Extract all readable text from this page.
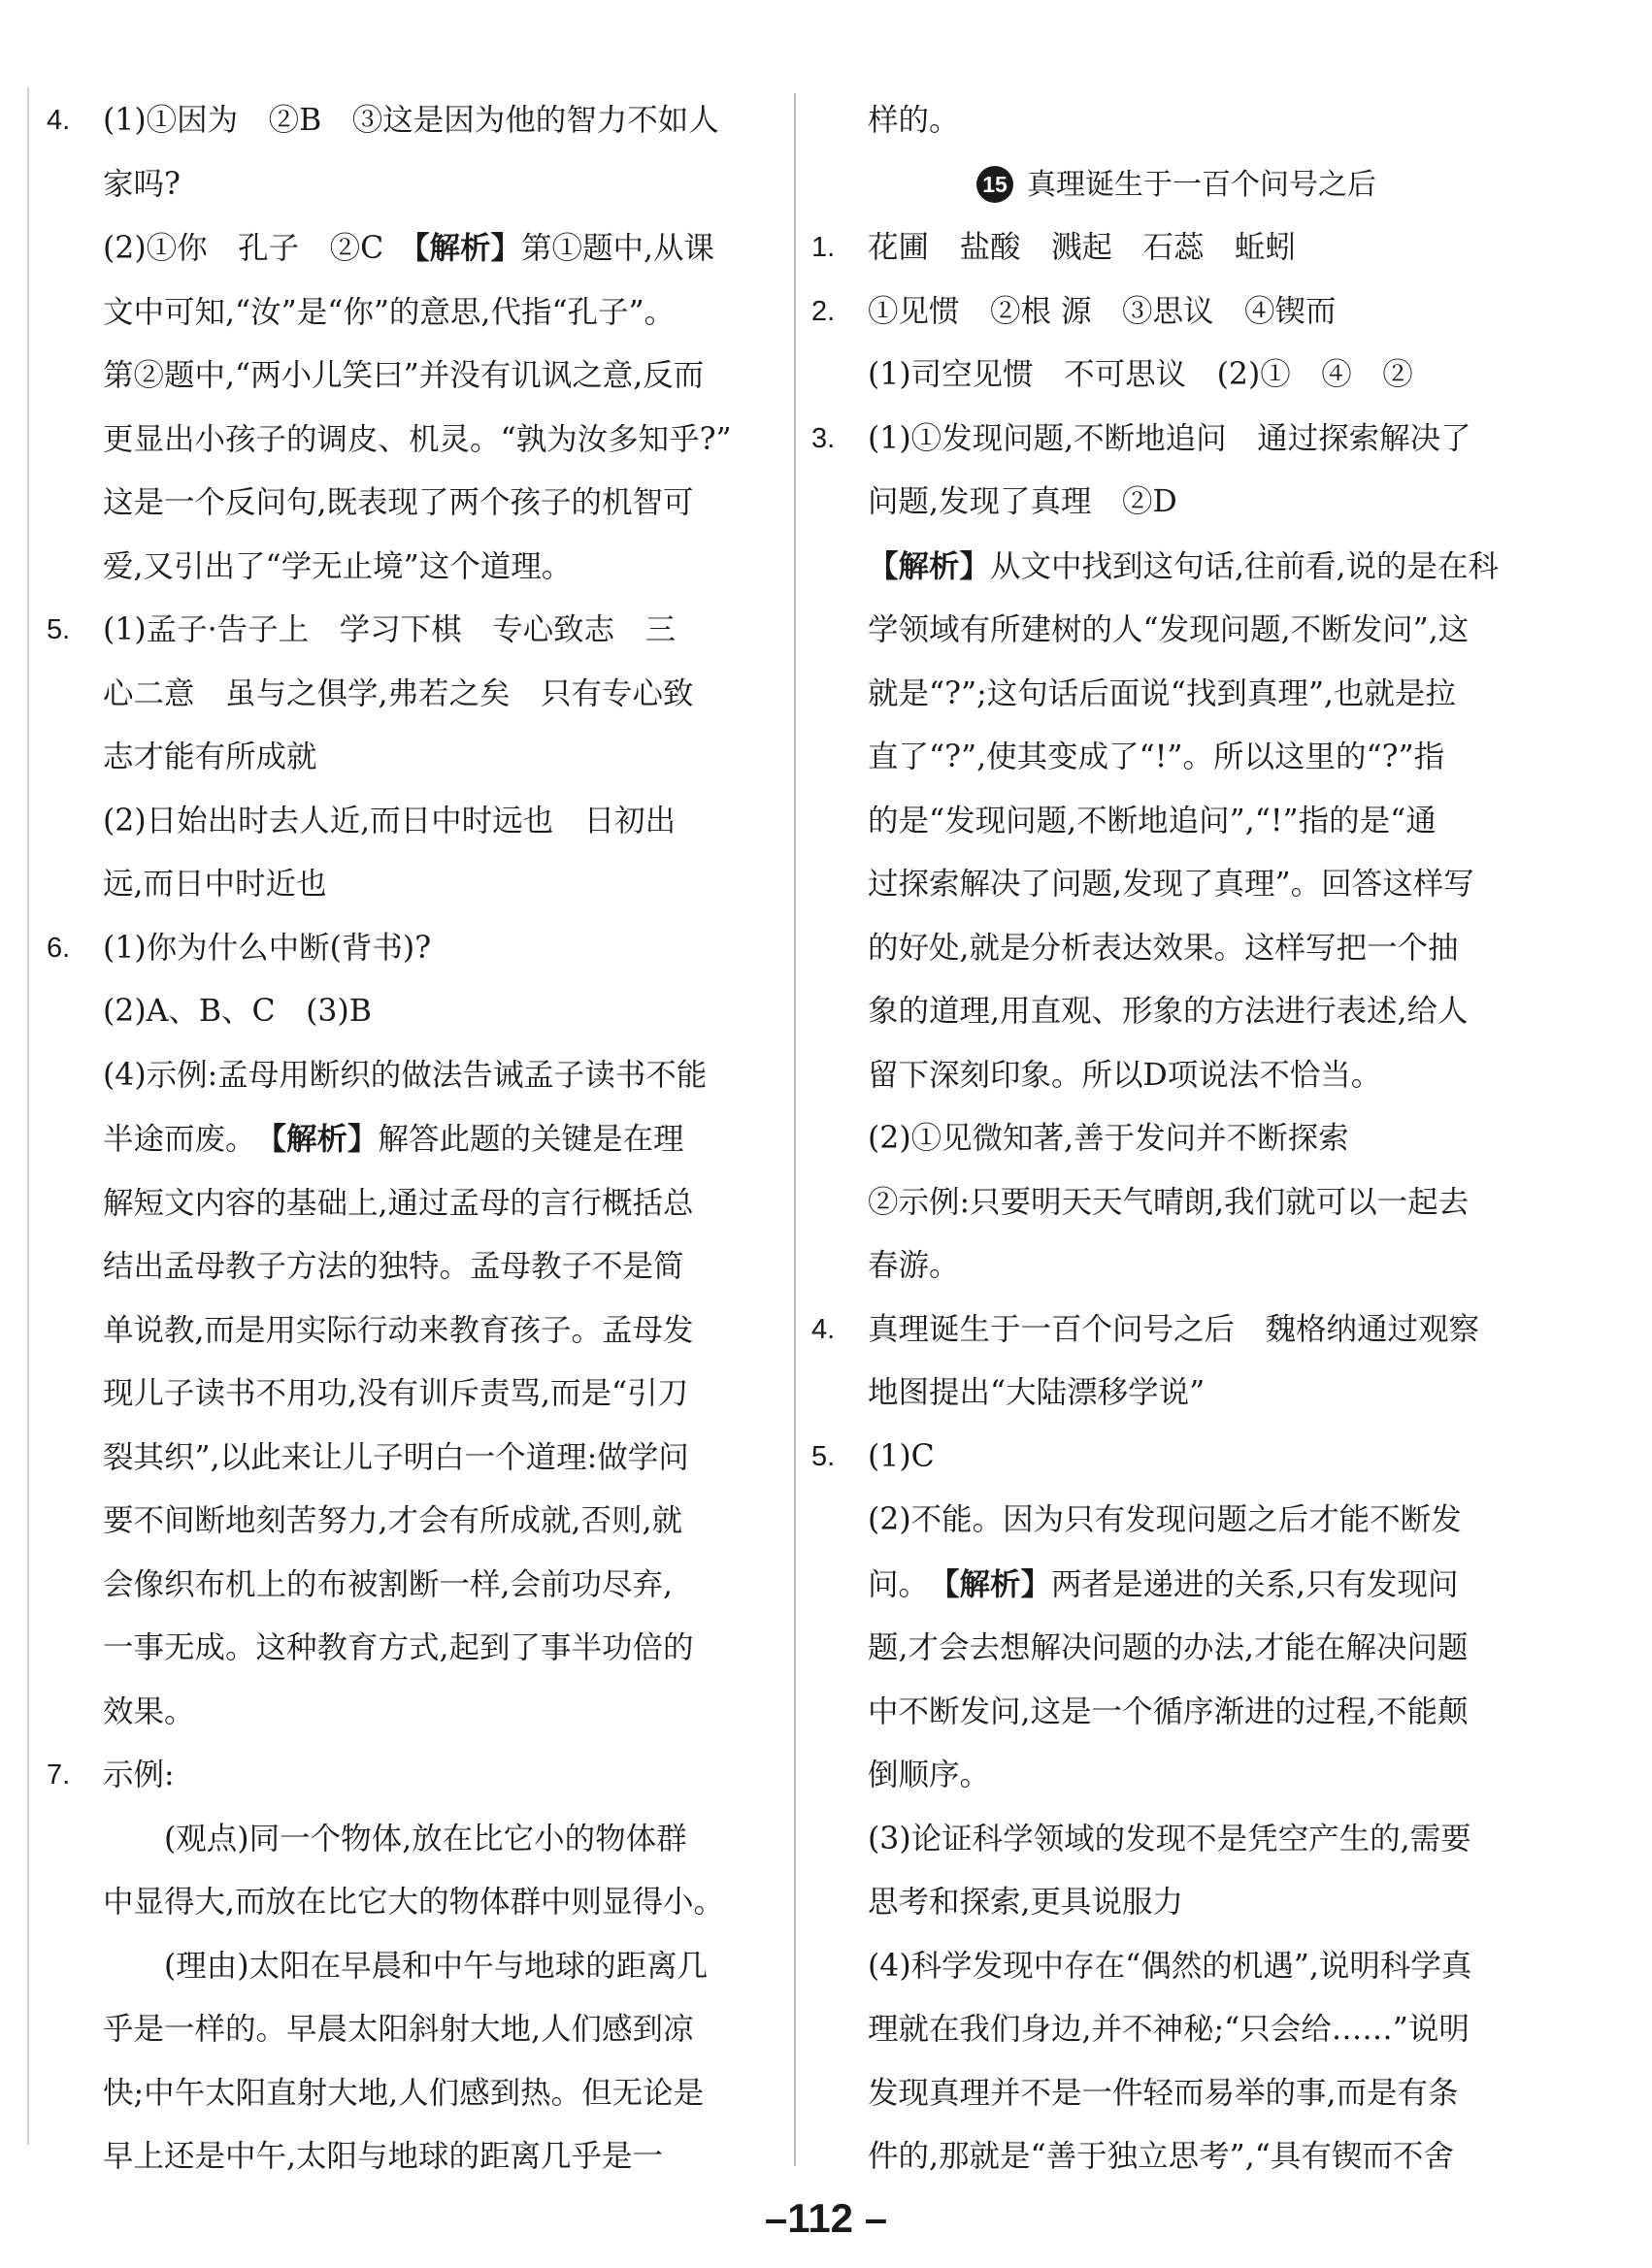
4.	(1)①因为　②B　③这是因为他的智力不如人
家吗?
(2)①你　孔子　②C　【解析】第①题中,从课
文中可知,“汝”是“你”的意思,代指“孔子”。
第②题中,“两小儿笑曰”并没有讥讽之意,反而
更显出小孩子的调皮、机灵。“孰为汝多知乎?”
这是一个反问句,既表现了两个孩子的机智可
爱,又引出了“学无止境”这个道理。
5.	(1)孟子·告子上　学习下棋　专心致志　三
心二意　虽与之俱学,弗若之矣　只有专心致
志才能有所成就
(2)日始出时去人近,而日中时远也　日初出
远,而日中时近也
6.	(1)你为什么中断(背书)?
(2)A、B、C　(3)B
(4)示例:孟母用断织的做法告诫孟子读书不能
半途而废。　【解析】解答此题的关键是在理
解短文内容的基础上,通过孟母的言行概括总
结出孟母教子方法的独特。孟母教子不是简
单说教,而是用实际行动来教育孩子。孟母发
现儿子读书不用功,没有训斥责骂,而是“引刀
裂其织”,以此来让儿子明白一个道理:做学问
要不间断地刻苦努力,才会有所成就,否则,就
会像织布机上的布被割断一样,会前功尽弃,
一事无成。这种教育方式,起到了事半功倍的
效果。
7.	示例:
(观点)同一个物体,放在比它小的物体群
中显得大,而放在比它大的物体群中则显得小。
(理由)太阳在早晨和中午与地球的距离几
乎是一样的。早晨太阳斜射大地,人们感到凉
快;中午太阳直射大地,人们感到热。但无论是
早上还是中午,太阳与地球的距离几乎是一
样的。
15 真理诞生于一百个问号之后
1.	花圃　盐酸　溅起　石蕊　蚯蚓
2.	①见惯　②根 源　③思议　④锲而
(1)司空见惯　不可思议　(2)①　④　②
3.	(1)①发现问题,不断地追问　通过探索解决了
问题,发现了真理　②D
【解析】从文中找到这句话,往前看,说的是在科
学领域有所建树的人“发现问题,不断发问”,这
就是“?”;这句话后面说“找到真理”,也就是拉
直了“?”,使其变成了“!”。所以这里的“?”指
的是“发现问题,不断地追问”,“!”指的是“通
过探索解决了问题,发现了真理”。回答这样写
的好处,就是分析表达效果。这样写把一个抽
象的道理,用直观、形象的方法进行表述,给人
留下深刻印象。所以D项说法不恰当。
(2)①见微知著,善于发问并不断探索
②示例:只要明天天气晴朗,我们就可以一起去
春游。
4.	真理诞生于一百个问号之后　魏格纳通过观察
地图提出“大陆漂移学说”
5.	(1)C
(2)不能。因为只有发现问题之后才能不断发
问。　【解析】两者是递进的关系,只有发现问
题,才会去想解决问题的办法,才能在解决问题
中不断发问,这是一个循序渐进的过程,不能颠
倒顺序。
(3)论证科学领域的发现不是凭空产生的,需要
思考和探索,更具说服力
(4)科学发现中存在“偶然的机遇”,说明科学真
理就在我们身边,并不神秘;“只会给……”说明
发现真理并不是一件轻而易举的事,而是有条
件的,那就是“善于独立思考”,“具有锲而不舍
–112 –
